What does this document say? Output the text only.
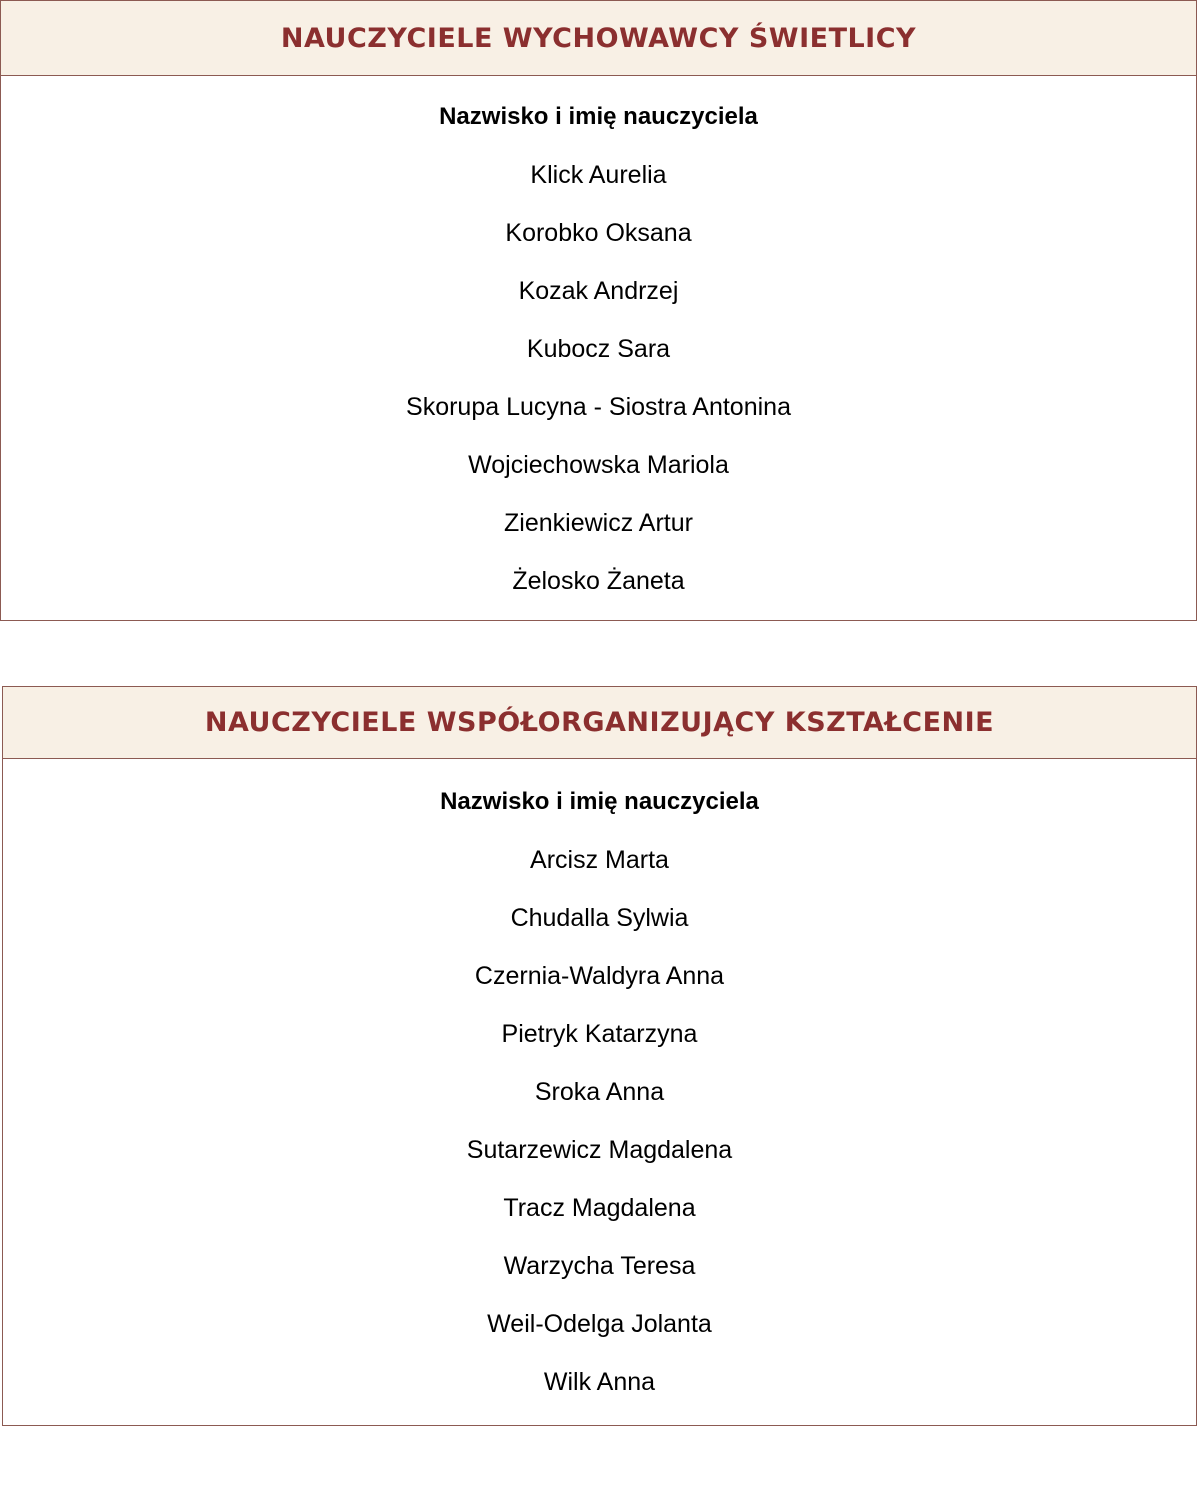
NAUCZYCIELE WYCHOWAWCY ŚWIETLICY
Nazwisko i imię nauczyciela
Klick Aurelia
Korobko Oksana
Kozak Andrzej
Kubocz Sara
Skorupa Lucyna - Siostra Antonina
Wojciechowska Mariola
Zienkiewicz Artur
Żelosko Żaneta
NAUCZYCIELE WSPÓŁORGANIZUJĄCY KSZTAŁCENIE
Nazwisko i imię nauczyciela
Arcisz Marta
Chudalla Sylwia
Czernia-Waldyra Anna
Pietryk Katarzyna
Sroka Anna
Sutarzewicz Magdalena
Tracz Magdalena
Warzycha Teresa
Weil-Odelga Jolanta
Wilk Anna
